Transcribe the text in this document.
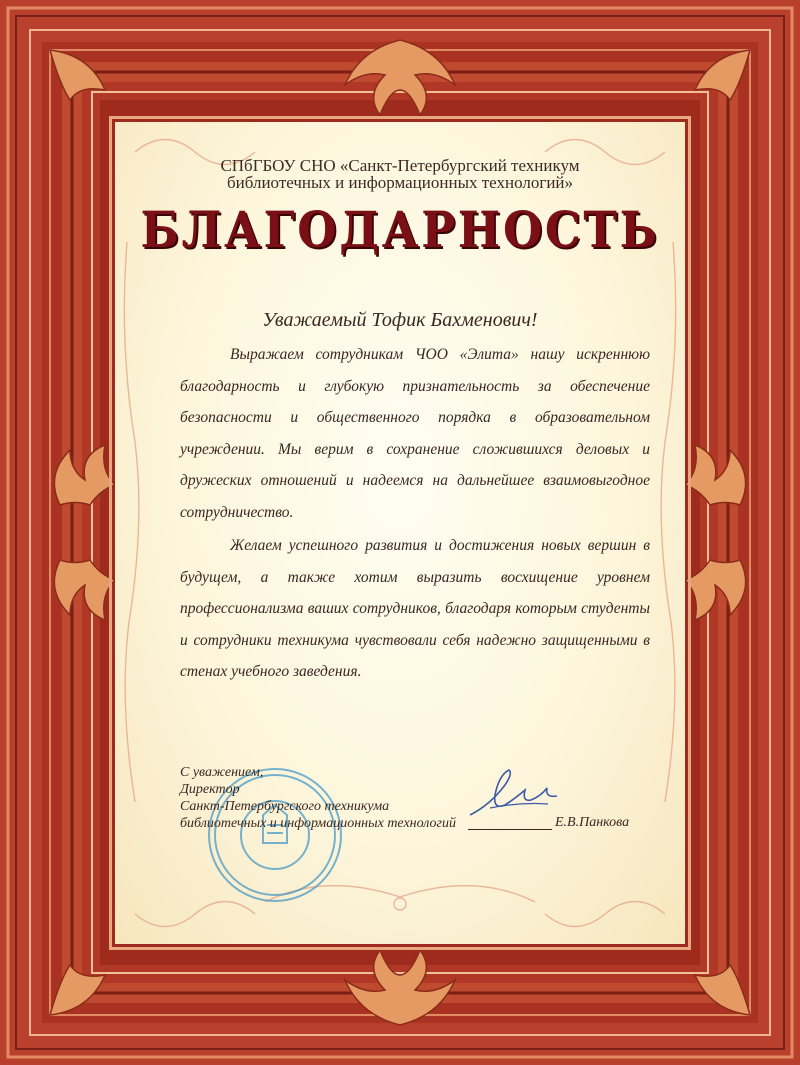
СПбГБОУ СНО «Санкт-Петербургский техникум
библиотечных и информационных технологий»
БЛАГОДАРНОСТЬ
Уважаемый Тофик Бахменович!
Выражаем сотрудникам ЧОО «Элита» нашу искреннюю благодарность и глубокую признательность за обеспечение безопасности и общественного порядка в образовательном учреждении. Мы верим в сохранение сложившихся деловых и дружеских отношений и надеемся на дальнейшее взаимовыгодное сотрудничество.
Желаем успешного развития и достижения новых вершин в будущем, а также хотим выразить восхищение уровнем профессионализма ваших сотрудников, благодаря которым студенты и сотрудники техникума чувствовали себя надежно защищенными в стенах учебного заведения.
С уважением,
Директор
Санкт-Петербургского техникума
библиотечных и информационных технологий	Е.В.Панкова
